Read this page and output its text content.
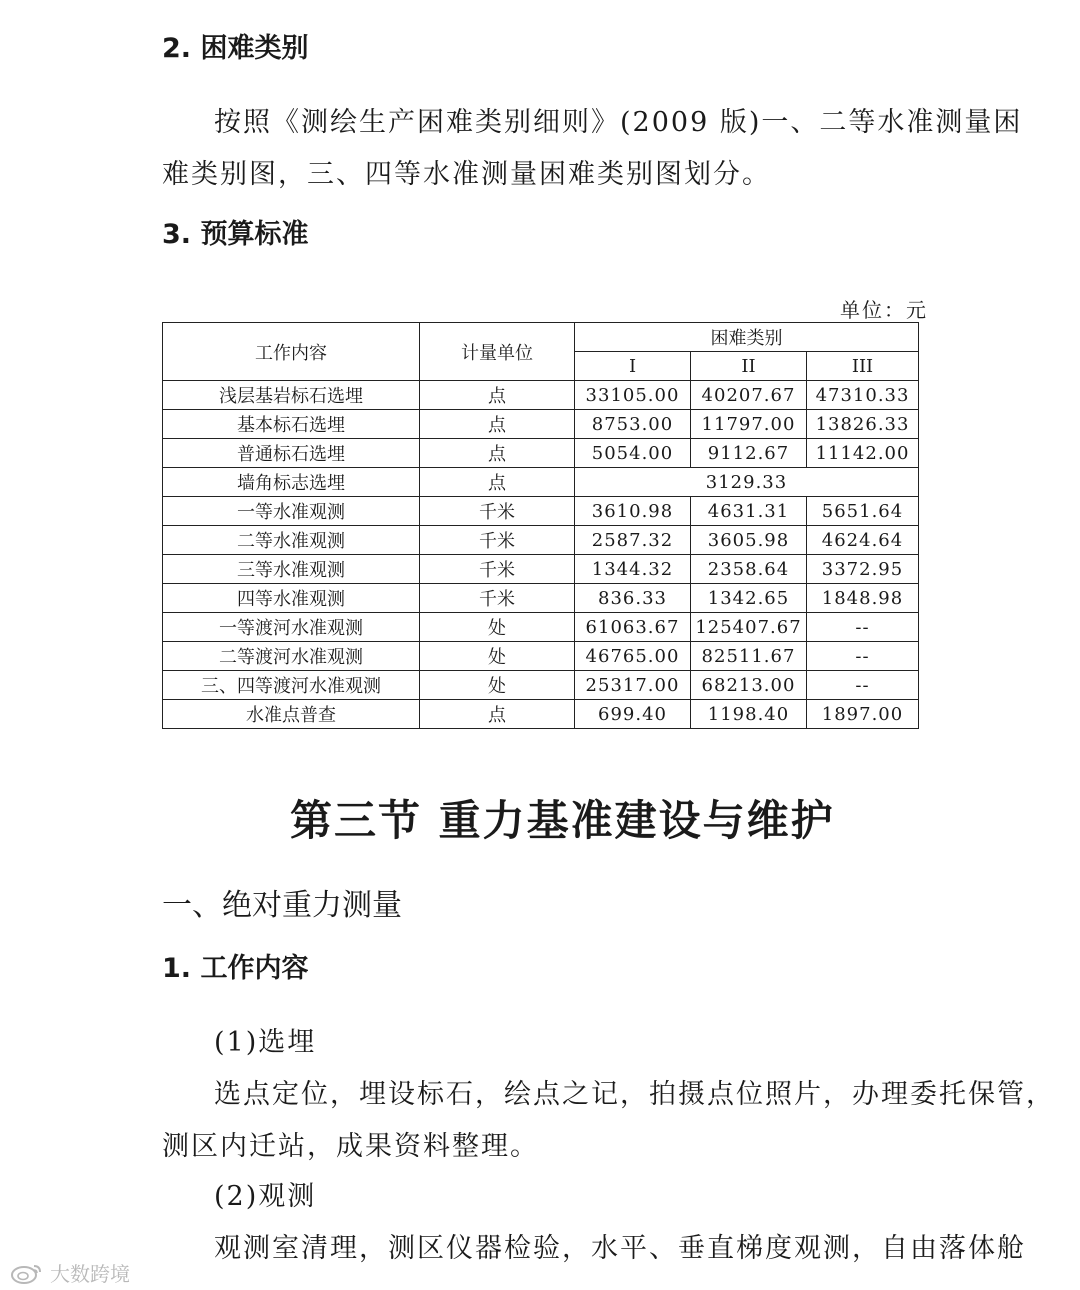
2. 困难类别
按照《测绘生产困难类别细则》(2009 版)一、二等水准测量困
难类别图，三、四等水准测量困难类别图划分。
3. 预算标准
单位：元
工作内容	计量单位	困难类别		
		I	II	III
浅层基岩标石选埋	点	33105.00	40207.67	47310.33
基本标石选埋	点	8753.00	11797.00	13826.33
普通标石选埋	点	5054.00	9112.67	11142.00
墙角标志选埋	点	3129.33		
一等水准观测	千米	3610.98	4631.31	5651.64
二等水准观测	千米	2587.32	3605.98	4624.64
三等水准观测	千米	1344.32	2358.64	3372.95
四等水准观测	千米	836.33	1342.65	1848.98
一等渡河水准观测	处	61063.67	125407.67	--
二等渡河水准观测	处	46765.00	82511.67	--
三、四等渡河水准观测	处	25317.00	68213.00	--
水准点普查	点	699.40	1198.40	1897.00
第三节 重力基准建设与维护
一、绝对重力测量
1. 工作内容
(1)选埋
选点定位，埋设标石，绘点之记，拍摄点位照片，办理委托保管，
测区内迁站，成果资料整理。
(2)观测
观测室清理，测区仪器检验，水平、垂直梯度观测，自由落体舱
大数跨境
